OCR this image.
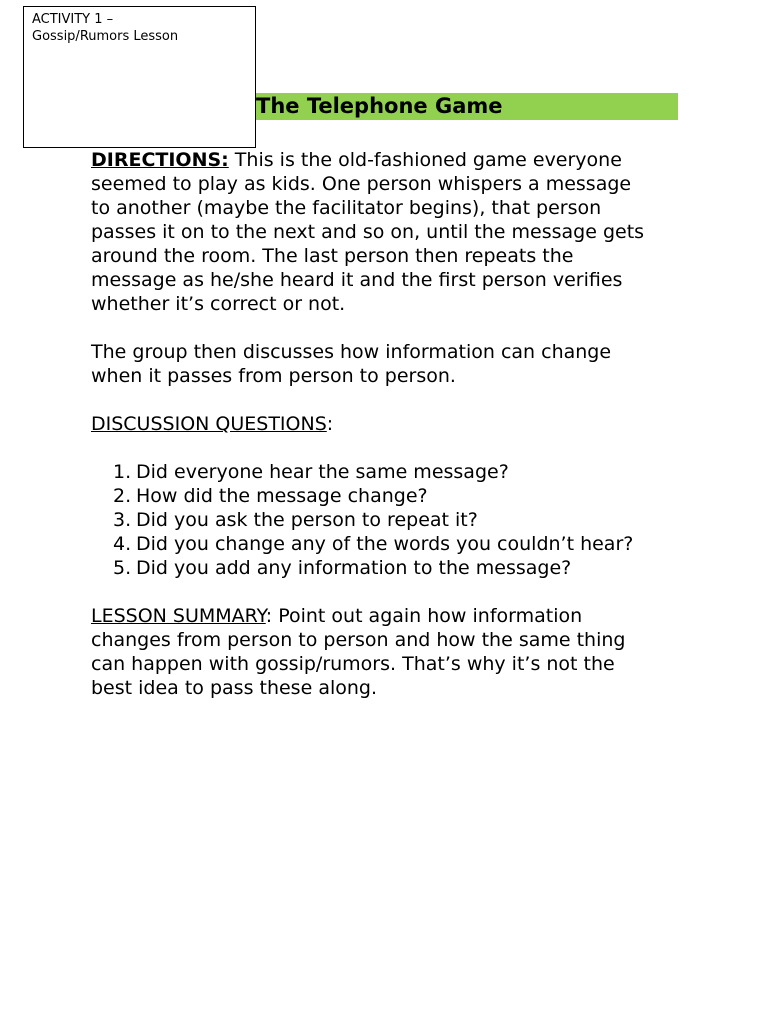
ACTIVITY 1 –
Gossip/Rumors Lesson
The Telephone Game

DIRECTIONS: This is the old-fashioned game everyone

seemed to play as kids. One person whispers a message

to another (maybe the facilitator begins), that person

passes it on to the next and so on, until the message gets

around the room. The last person then repeats the

message as he/she heard it and the first person verifies

whether it’s correct or not.

The group then discusses how information can change

when it passes from person to person.

DISCUSSION QUESTIONS:

1. Did everyone hear the same message?
2. How did the message change?
3. Did you ask the person to repeat it?
4. Did you change any of the words you couldn’t hear?
5. Did you add any information to the message?

LESSON SUMMARY: Point out again how information

changes from person to person and how the same thing

can happen with gossip/rumors. That’s why it’s not the

best idea to pass these along.
